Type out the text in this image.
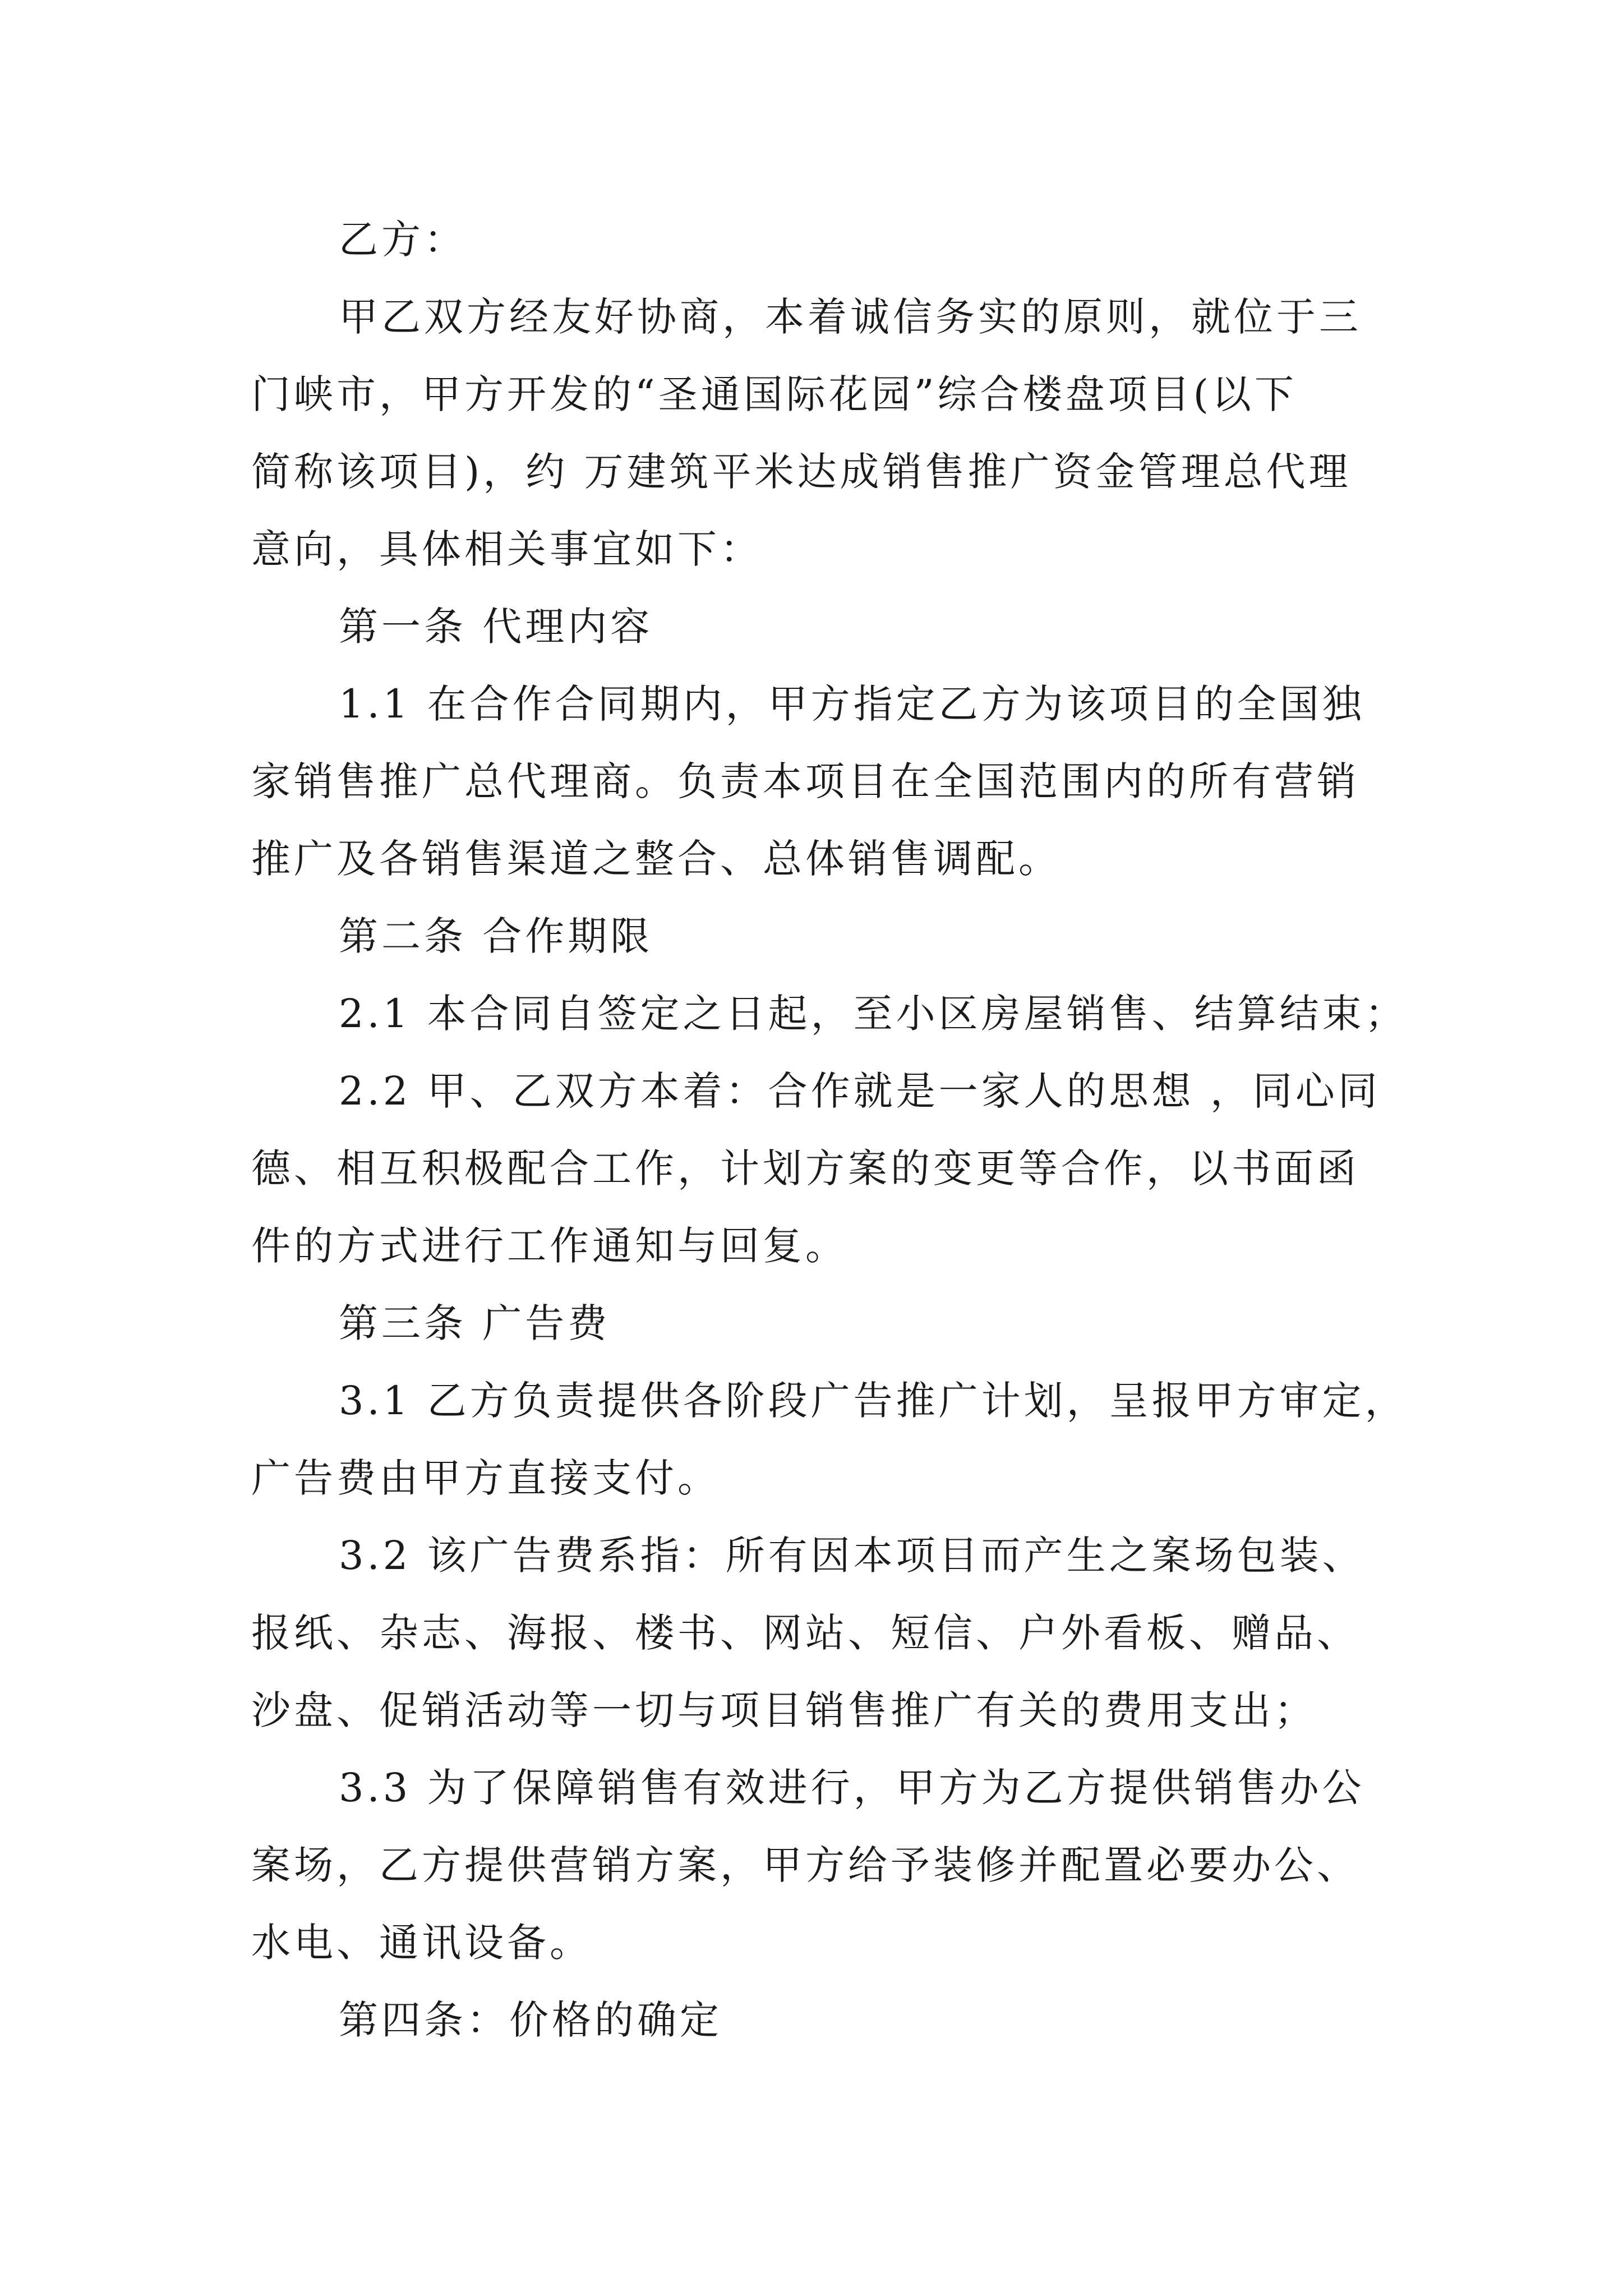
乙方：
甲乙双方经友好协商，本着诚信务实的原则，就位于三
门峡市，甲方开发的“圣通国际花园”综合楼盘项目(以下
简称该项目)，约 万建筑平米达成销售推广资金管理总代理
意向，具体相关事宜如下：
第一条 代理内容
1.1 在合作合同期内，甲方指定乙方为该项目的全国独
家销售推广总代理商。负责本项目在全国范围内的所有营销
推广及各销售渠道之整合、总体销售调配。
第二条 合作期限
2.1 本合同自签定之日起，至小区房屋销售、结算结束；
2.2 甲、乙双方本着：合作就是一家人的思想 ，同心同
德、相互积极配合工作，计划方案的变更等合作，以书面函
件的方式进行工作通知与回复。
第三条 广告费
3.1 乙方负责提供各阶段广告推广计划，呈报甲方审定，
广告费由甲方直接支付。
3.2 该广告费系指：所有因本项目而产生之案场包装、
报纸、杂志、海报、楼书、网站、短信、户外看板、赠品、
沙盘、促销活动等一切与项目销售推广有关的费用支出；
3.3 为了保障销售有效进行，甲方为乙方提供销售办公
案场，乙方提供营销方案，甲方给予装修并配置必要办公、
水电、通讯设备。
第四条：价格的确定
